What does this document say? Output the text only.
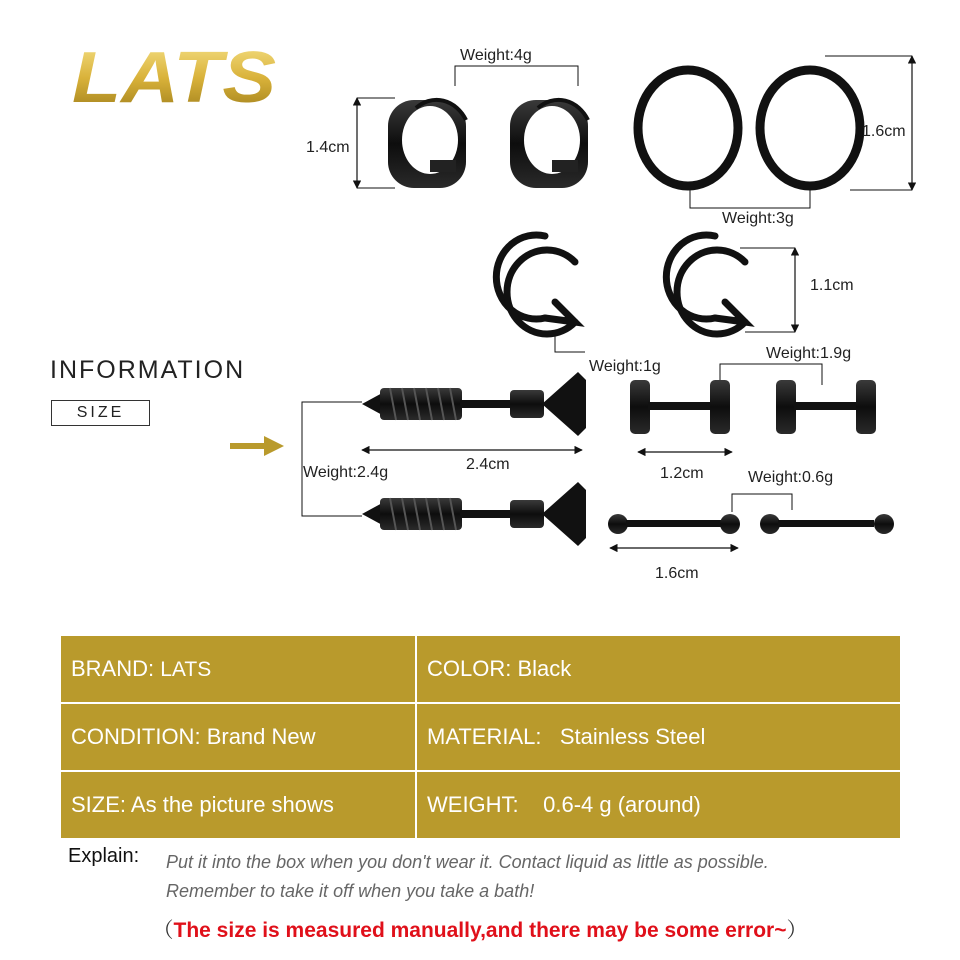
LATS	Weight:4g
1.4cm
1.6cm
Weight:3g
1.1cm
Weight:1g
Weight:1.9g
Weight:2.4g	2.4cm
1.2cm	Weight:0.6g
1.6cm
INFORMATION
SIZE
BRAND: LATS	COLOR: Black
CONDITION: Brand New	MATERIAL: Stainless Steel
SIZE: As the picture shows	WEIGHT: 0.6-4 g (around)
Explain: Put it into the box when you don't wear it. Contact liquid as little as possible.
Remember to take it off when you take a bath!
（The size is measured manually,and there may be some error~）
